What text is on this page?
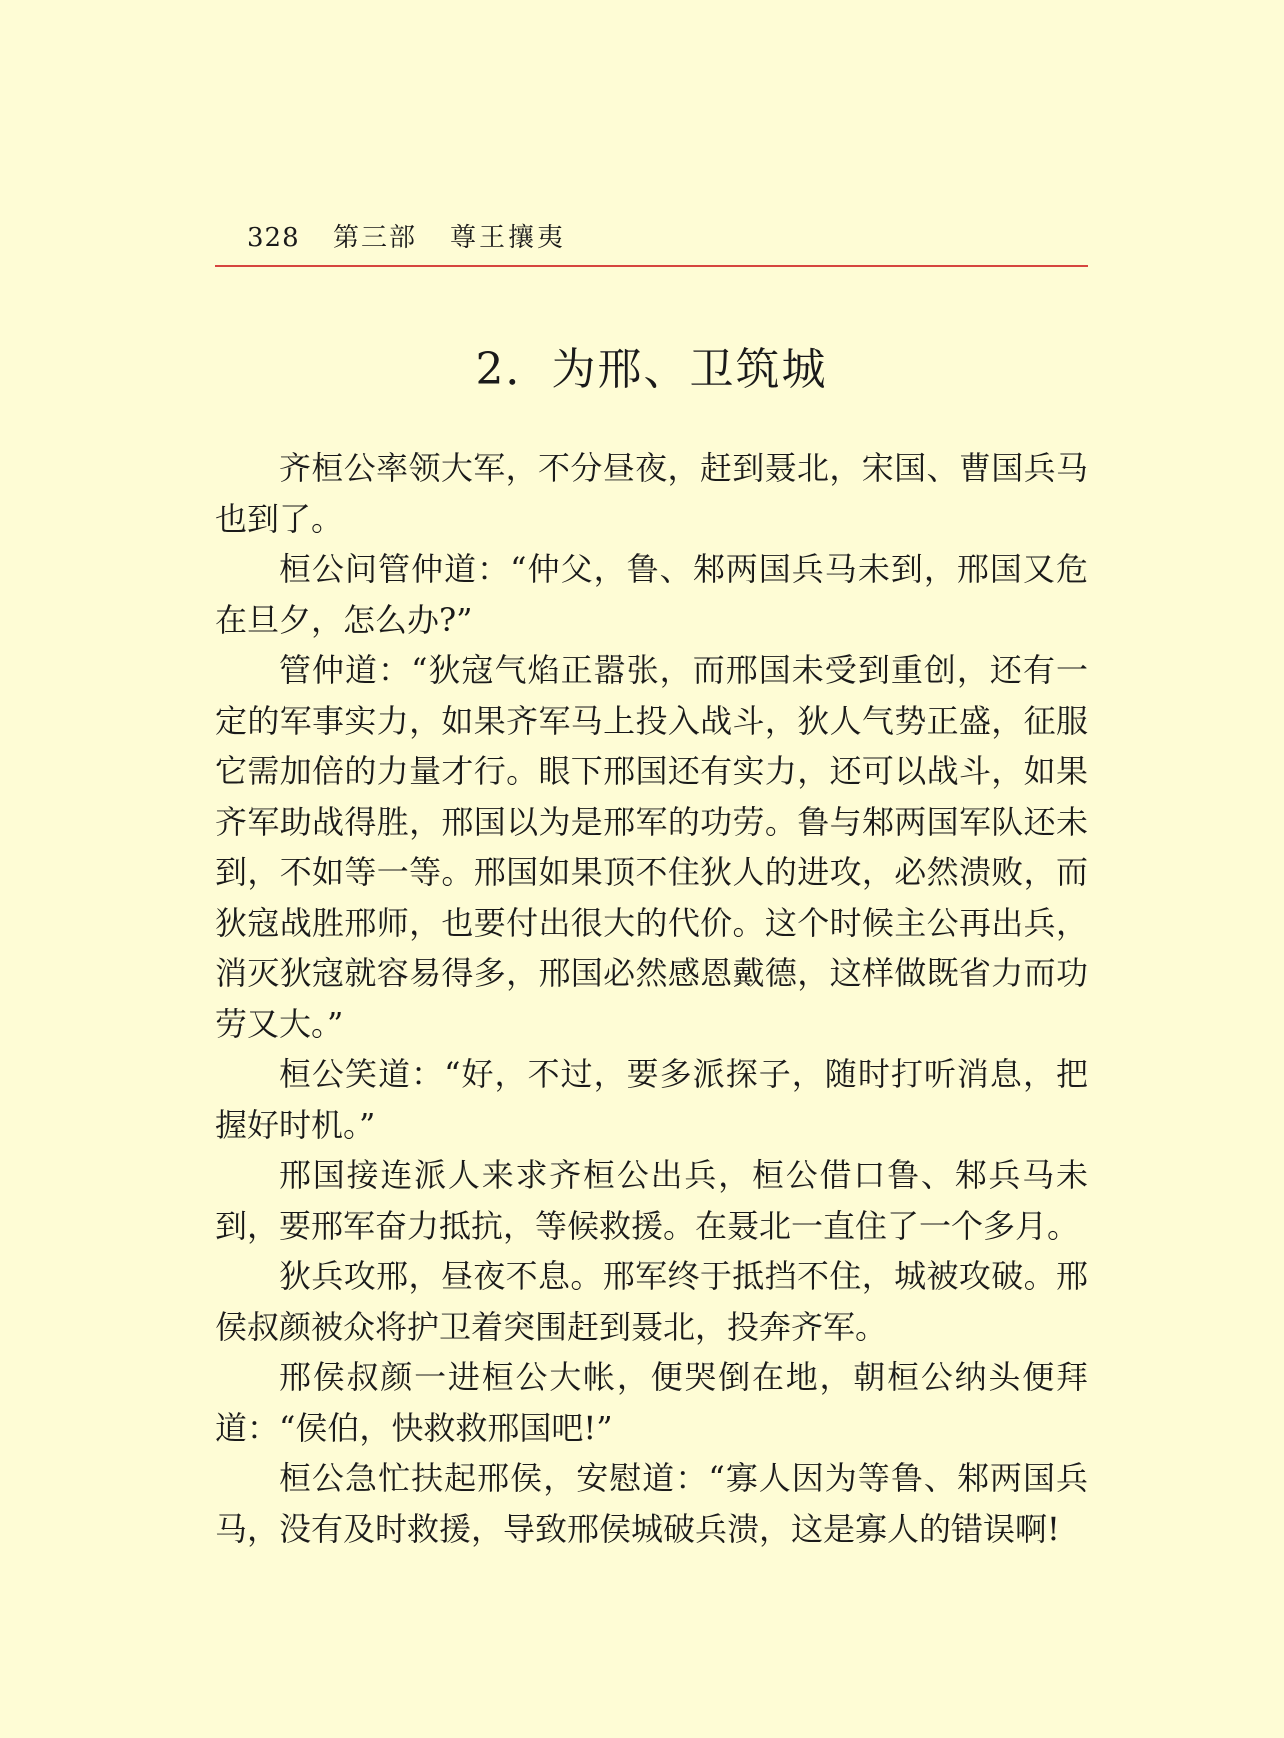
328 第三部 尊王攘夷
2．为邢、卫筑城

齐桓公率领大军，不分昼夜，赶到聂北，宋国、曹国兵马也到了。

桓公问管仲道：“仲父，鲁、邾两国兵马未到，邢国又危在旦夕，怎么办?”

管仲道：“狄寇气焰正嚣张，而邢国未受到重创，还有一定的军事实力，如果齐军马上投入战斗，狄人气势正盛，征服它需加倍的力量才行。眼下邢国还有实力，还可以战斗，如果齐军助战得胜，邢国以为是邢军的功劳。鲁与邾两国军队还未到，不如等一等。邢国如果顶不住狄人的进攻，必然溃败，而狄寇战胜邢师，也要付出很大的代价。这个时候主公再出兵，消灭狄寇就容易得多，邢国必然感恩戴德，这样做既省力而功劳又大。”

桓公笑道：“好，不过，要多派探子，随时打听消息，把握好时机。”

邢国接连派人来求齐桓公出兵，桓公借口鲁、邾兵马未到，要邢军奋力抵抗，等候救援。在聂北一直住了一个多月。

狄兵攻邢，昼夜不息。邢军终于抵挡不住，城被攻破。邢侯叔颜被众将护卫着突围赶到聂北，投奔齐军。

邢侯叔颜一进桓公大帐，便哭倒在地，朝桓公纳头便拜道：“侯伯，快救救邢国吧!”

桓公急忙扶起邢侯，安慰道：“寡人因为等鲁、邾两国兵马，没有及时救援，导致邢侯城破兵溃，这是寡人的错误啊!
